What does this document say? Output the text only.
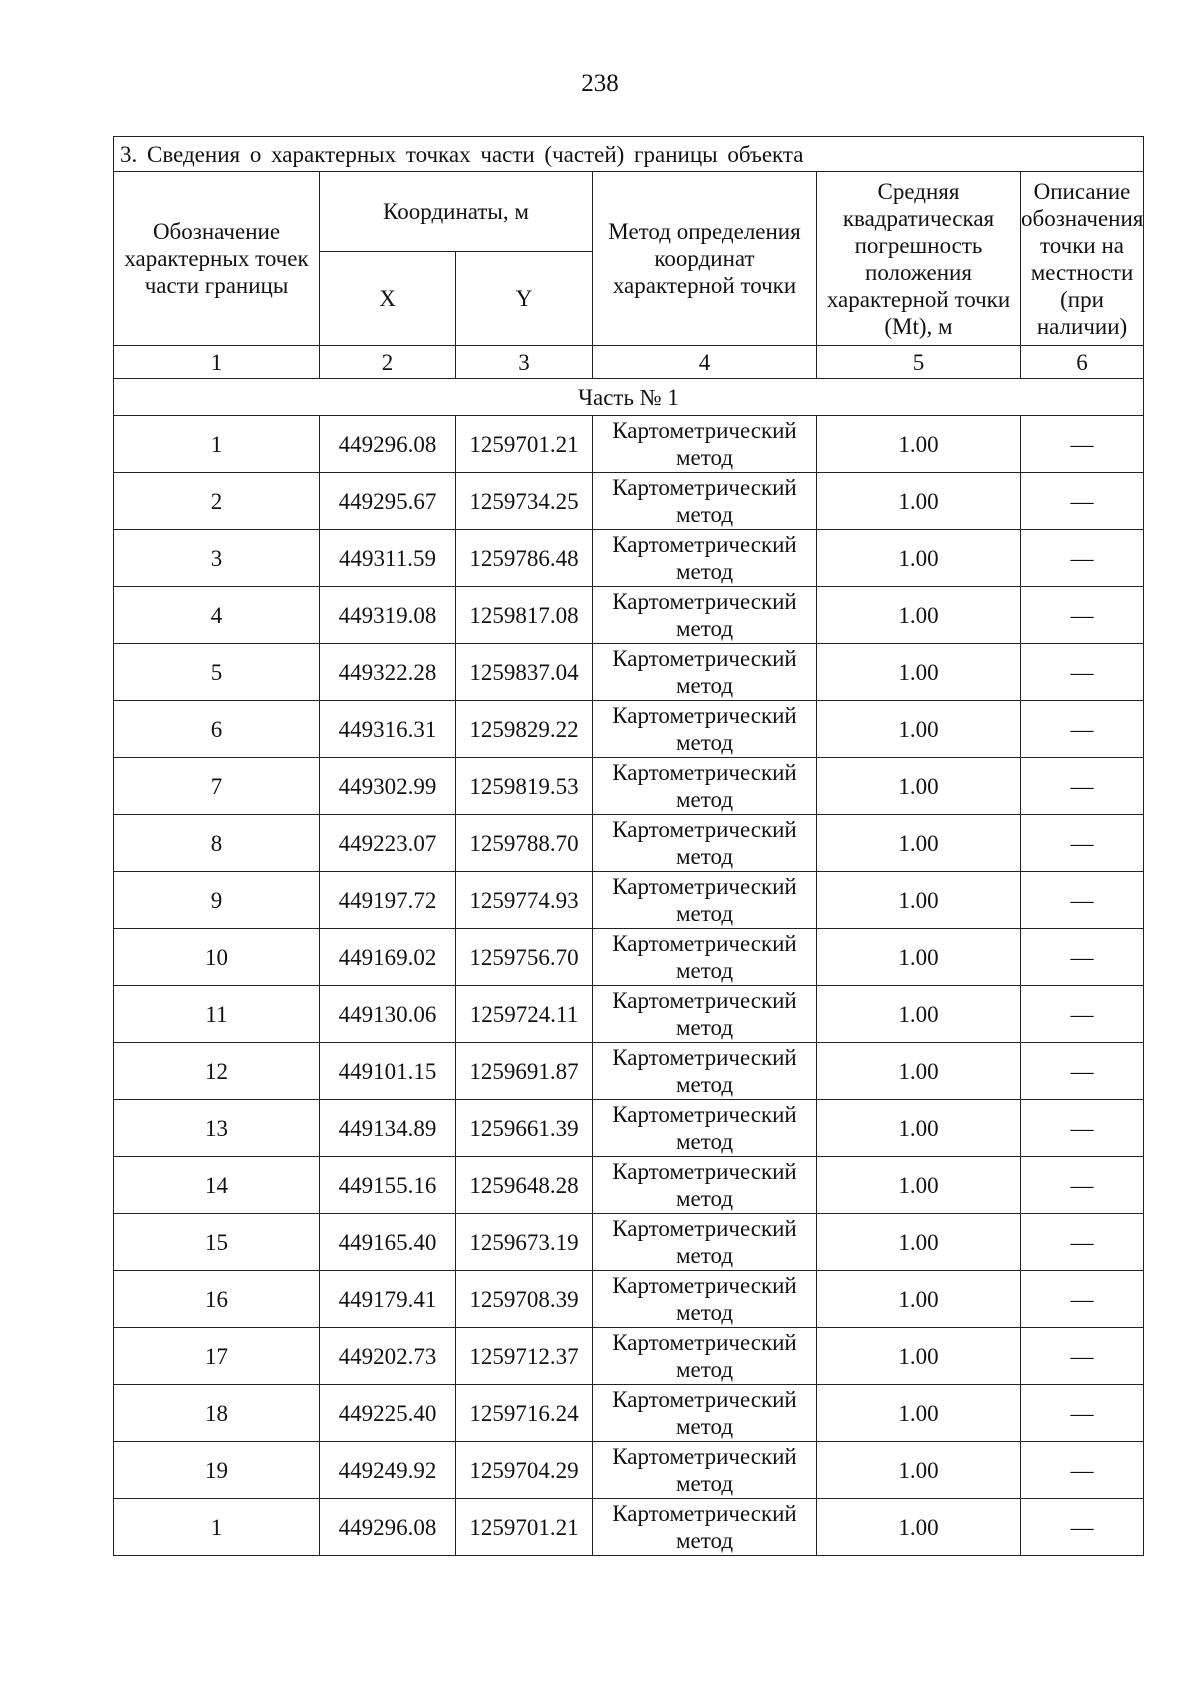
238
3. Сведения о характерных точках части (частей) границы объекта					
Обозначение характерных точек части границы	Координаты, м		Метод определения координат характерной точки	Средняя квадратическая погрешность положения характерной точки (Mt), м	Описание обозначения точки на местности (при наличии)
	X	Y			
1	2	3	4	5	6
Часть № 1					
1	449296.08	1259701.21	Картометрический метод	1.00	—
2	449295.67	1259734.25	Картометрический метод	1.00	—
3	449311.59	1259786.48	Картометрический метод	1.00	—
4	449319.08	1259817.08	Картометрический метод	1.00	—
5	449322.28	1259837.04	Картометрический метод	1.00	—
6	449316.31	1259829.22	Картометрический метод	1.00	—
7	449302.99	1259819.53	Картометрический метод	1.00	—
8	449223.07	1259788.70	Картометрический метод	1.00	—
9	449197.72	1259774.93	Картометрический метод	1.00	—
10	449169.02	1259756.70	Картометрический метод	1.00	—
11	449130.06	1259724.11	Картометрический метод	1.00	—
12	449101.15	1259691.87	Картометрический метод	1.00	—
13	449134.89	1259661.39	Картометрический метод	1.00	—
14	449155.16	1259648.28	Картометрический метод	1.00	—
15	449165.40	1259673.19	Картометрический метод	1.00	—
16	449179.41	1259708.39	Картометрический метод	1.00	—
17	449202.73	1259712.37	Картометрический метод	1.00	—
18	449225.40	1259716.24	Картометрический метод	1.00	—
19	449249.92	1259704.29	Картометрический метод	1.00	—
1	449296.08	1259701.21	Картометрический метод	1.00	—
